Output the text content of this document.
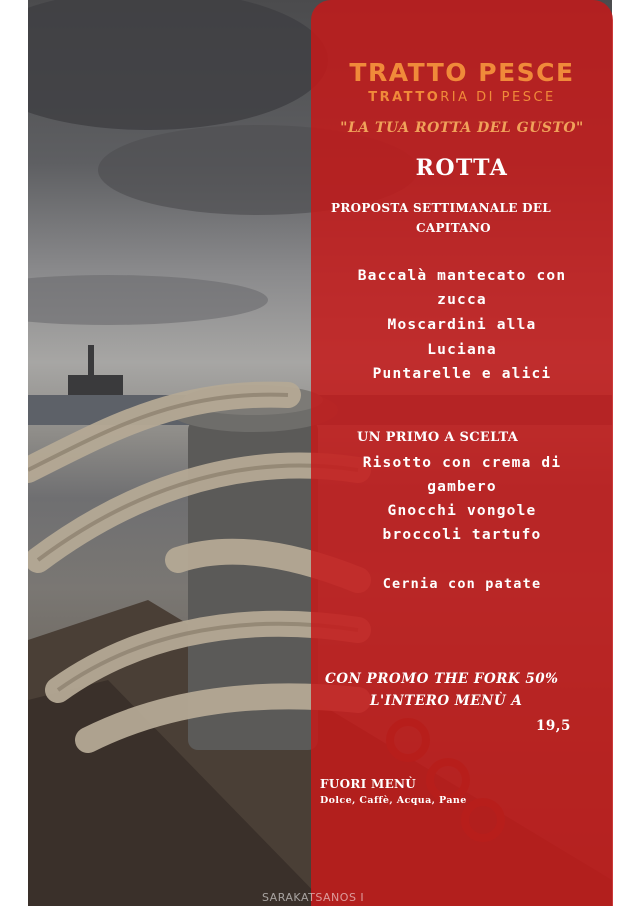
TRATTO PESCE
TRATTORIA DI PESCE
"LA TUA ROTTA DEL GUSTO"
ROTTA
PROPOSTA SETTIMANALE DEL
CAPITANO
Baccalà mantecato con
zucca
Moscardini alla
Luciana
Puntarelle e alici
UN PRIMO A SCELTA
Risotto con crema di
gambero
Gnocchi vongole
broccoli tartufo
Cernia con patate
CON PROMO THE FORK 50%
L'INTERO MENÙ A
19,5
FUORI MENÙ
Dolce, Caffè, Acqua, Pane
SARAKATSANOS I
